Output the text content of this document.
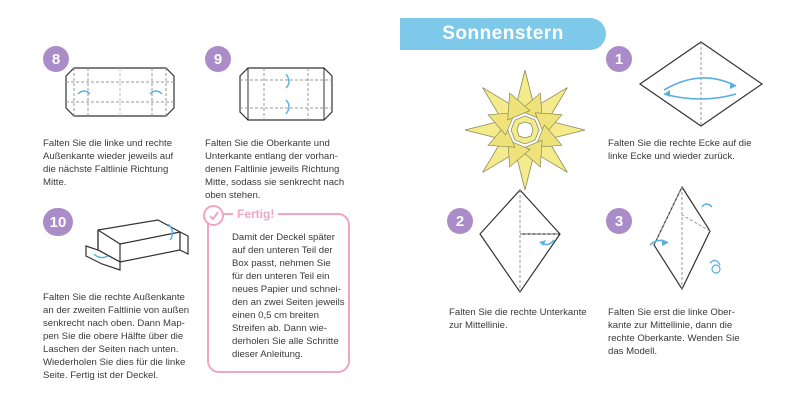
8
Falten Sie die linke und rechte
Außenkante wieder jeweils auf
die nächste Faltlinie Richtung
Mitte.
9
Falten Sie die Oberkante und
Unterkante entlang der vorhan-
denen Faltlinie jeweils Richtung
Mitte, sodass sie senkrecht nach
oben stehen.
10
Falten Sie die rechte Außenkante
an der zweiten Faltlinie von außen
senkrecht nach oben. Dann Map-
pen Sie die obere Hälfte über die
Laschen der Seiten nach unten.
Wiederholen Sie dies für die linke
Seite. Fertig ist der Deckel.
Fertig!
Damit der Deckel später
auf den unteren Teil der
Box passt, nehmen Sie
für den unteren Teil ein
neues Papier und schnei-
den an zwei Seiten jeweils
einen 0,5 cm breiten
Streifen ab. Dann wie-
derholen Sie alle Schritte
dieser Anleitung.
Sonnenstern
1
Falten Sie die rechte Ecke auf die
linke Ecke und wieder zurück.
2
Falten Sie die rechte Unterkante
zur Mittellinie.
3
Falten Sie erst die linke Ober-
kante zur Mittellinie, dann die
rechte Oberkante. Wenden Sie
das Modell.
